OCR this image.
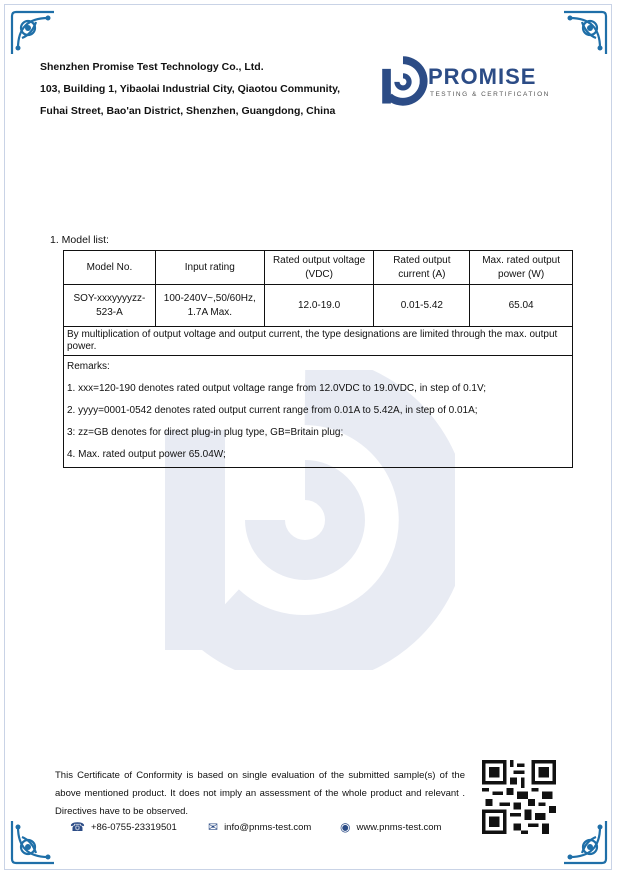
Shenzhen Promise Test Technology Co., Ltd.
103, Building 1, Yibaolai Industrial City, Qiaotou Community,
Fuhai Street, Bao'an District, Shenzhen, Guangdong, China
PROMISE
TESTING & CERTIFICATION
1. Model list:
Model No.	Input rating	Rated output voltage (VDC)	Rated output current (A)	Max. rated output power (W)
SOY-xxxyyyyzz-523-A	100-240V~,50/60Hz, 1.7A Max.	12.0-19.0	0.01-5.42	65.04
By multiplication of output voltage and output current, the type designations are limited through the max. output power.				

Remarks:
1. xxx=120-190 denotes rated output voltage range from 12.0VDC to 19.0VDC, in step of 0.1V;
2. yyyy=0001-0542 denotes rated output current range from 0.01A to 5.42A, in step of 0.01A;
3: zz=GB denotes for direct plug-in plug type, GB=Britain plug;
4. Max. rated output power 65.04W;				
This Certificate of Conformity is based on single evaluation of the submitted sample(s) of the above mentioned product. It does not imply an assessment of the whole product and relevant . Directives have to be observed.
☎ +86-0755-23319501	✉ info@pnms-test.com ◉ www.pnms-test.com
